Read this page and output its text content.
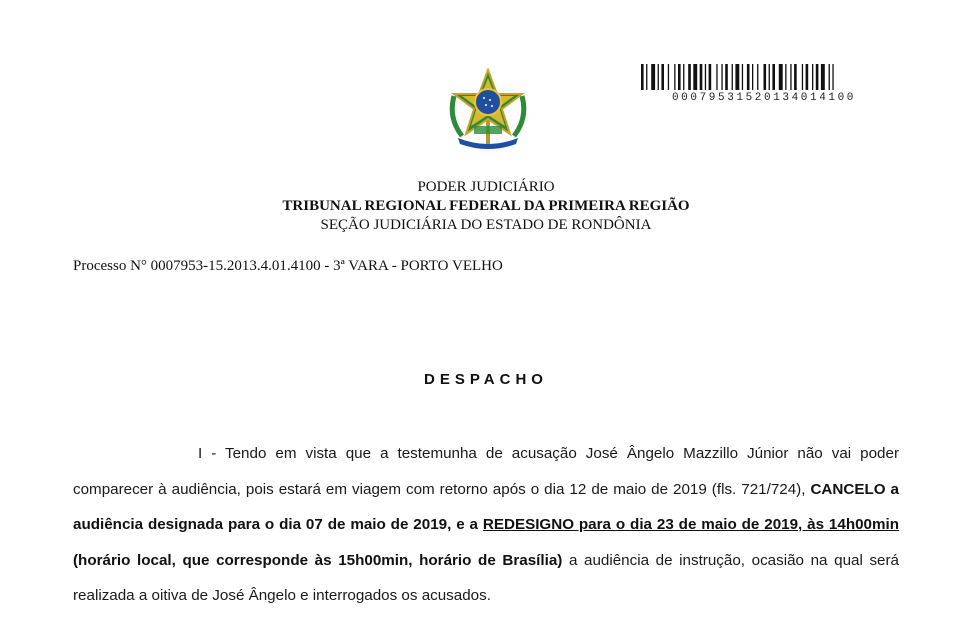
00079531520134014100
PODER JUDICIÁRIO
TRIBUNAL REGIONAL FEDERAL DA PRIMEIRA REGIÃO
SEÇÃO JUDICIÁRIA DO ESTADO DE RONDÔNIA
Processo N° 0007953-15.2013.4.01.4100 - 3ª VARA - PORTO VELHO
DESPACHO
I - Tendo em vista que a testemunha de acusação José Ângelo Mazzillo Júnior não vai poder comparecer à audiência, pois estará em viagem com retorno após o dia 12 de maio de 2019 (fls. 721/724), CANCELO a audiência designada para o dia 07 de maio de 2019, e a REDESIGNO para o dia 23 de maio de 2019, às 14h00min (horário local, que corresponde às 15h00min, horário de Brasília) a audiência de instrução, ocasião na qual será realizada a oitiva de José Ângelo e interrogados os acusados.
